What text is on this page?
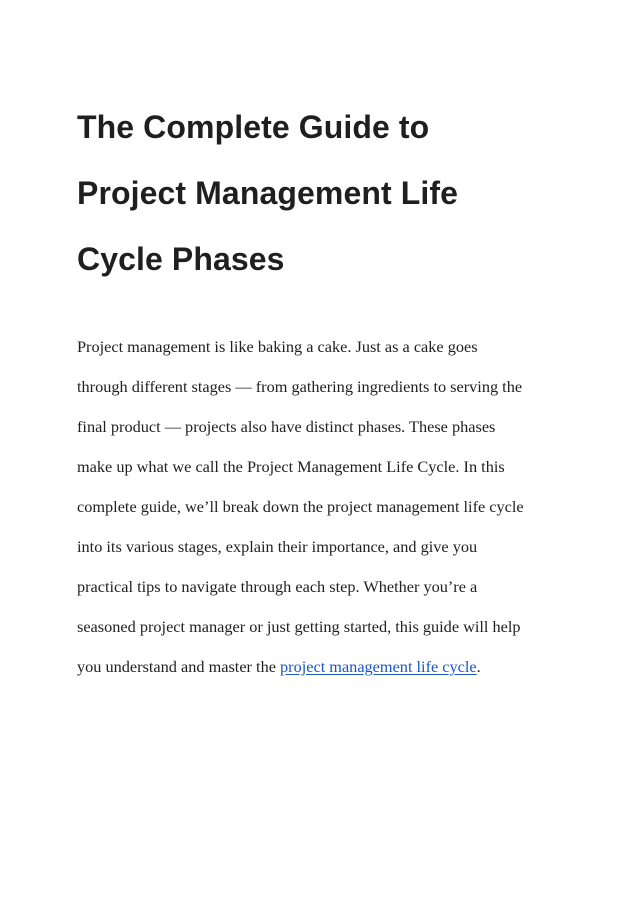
The Complete Guide to
Project Management Life
Cycle Phases

Project management is like baking a cake. Just as a cake goes
through different stages — from gathering ingredients to serving the
final product — projects also have distinct phases. These phases
make up what we call the Project Management Life Cycle. In this
complete guide, we’ll break down the project management life cycle
into its various stages, explain their importance, and give you
practical tips to navigate through each step. Whether you’re a
seasoned project manager or just getting started, this guide will help
you understand and master the project management life cycle.
